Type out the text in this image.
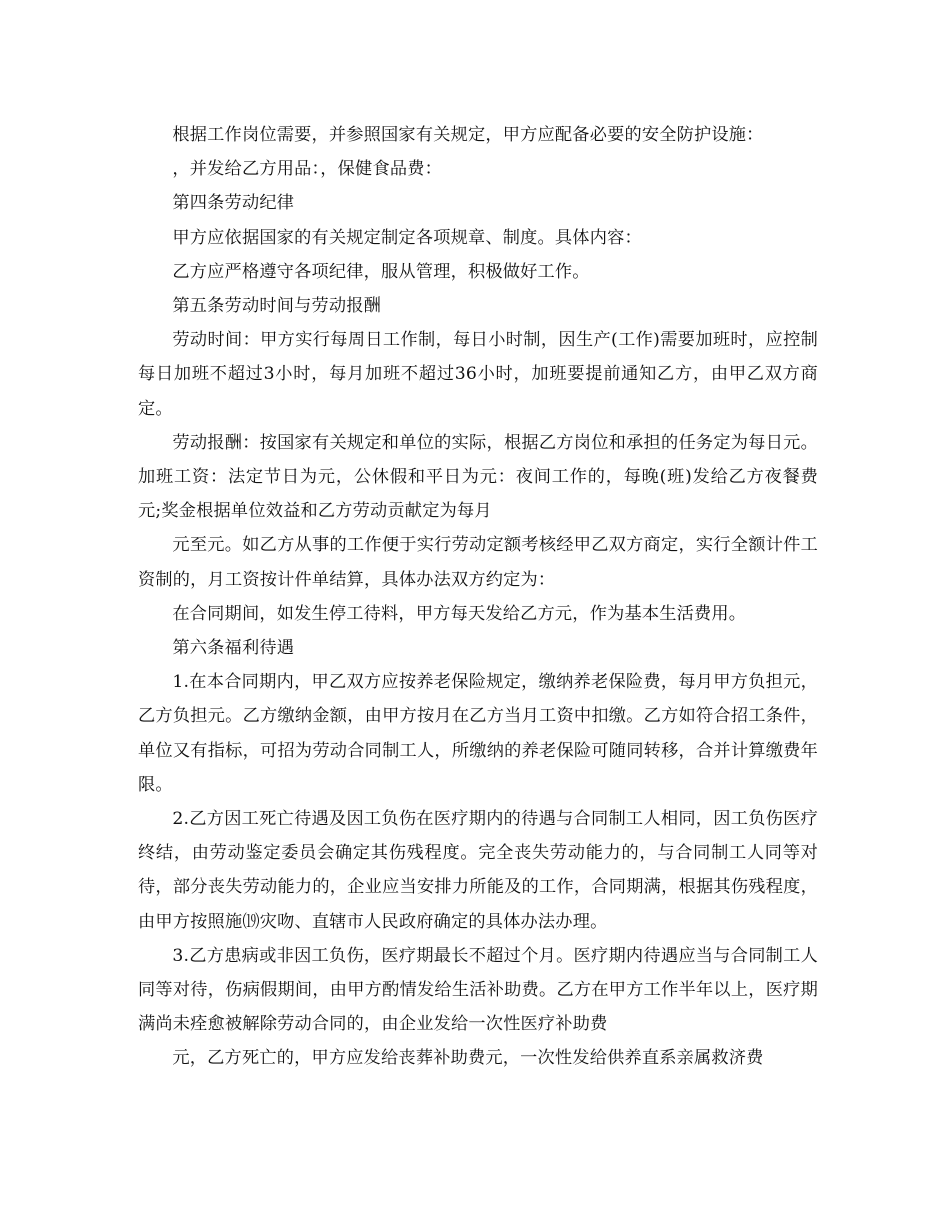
根据工作岗位需要，并参照国家有关规定，甲方应配备必要的安全防护设施：

，并发给乙方用品：，保健食品费：

第四条劳动纪律

甲方应依据国家的有关规定制定各项规章、制度。具体内容：

乙方应严格遵守各项纪律，服从管理，积极做好工作。

第五条劳动时间与劳动报酬

劳动时间：甲方实行每周日工作制，每日小时制，因生产(工作)需要加班时，应控制每日加班不超过3小时，每月加班不超过36小时，加班要提前通知乙方，由甲乙双方商定。

劳动报酬：按国家有关规定和单位的实际，根据乙方岗位和承担的任务定为每日元。加班工资：法定节日为元，公休假和平日为元：夜间工作的，每晚(班)发给乙方夜餐费元;奖金根据单位效益和乙方劳动贡献定为每月

元至元。如乙方从事的工作便于实行劳动定额考核经甲乙双方商定，实行全额计件工资制的，月工资按计件单结算，具体办法双方约定为：

在合同期间，如发生停工待料，甲方每天发给乙方元，作为基本生活费用。

第六条福利待遇

1.在本合同期内，甲乙双方应按养老保险规定，缴纳养老保险费，每月甲方负担元，乙方负担元。乙方缴纳金额，由甲方按月在乙方当月工资中扣缴。乙方如符合招工条件，单位又有指标，可招为劳动合同制工人，所缴纳的养老保险可随同转移，合并计算缴费年限。

2.乙方因工死亡待遇及因工负伤在医疗期内的待遇与合同制工人相同，因工负伤医疗终结，由劳动鉴定委员会确定其伤残程度。完全丧失劳动能力的，与合同制工人同等对待，部分丧失劳动能力的，企业应当安排力所能及的工作，合同期满，根据其伤残程度，由甲方按照施⒆灾吻、直辖市人民政府确定的具体办法办理。

3.乙方患病或非因工负伤，医疗期最长不超过个月。医疗期内待遇应当与合同制工人同等对待，伤病假期间，由甲方酌情发给生活补助费。乙方在甲方工作半年以上，医疗期满尚未痊愈被解除劳动合同的，由企业发给一次性医疗补助费

元，乙方死亡的，甲方应发给丧葬补助费元，一次性发给供养直系亲属救济费
